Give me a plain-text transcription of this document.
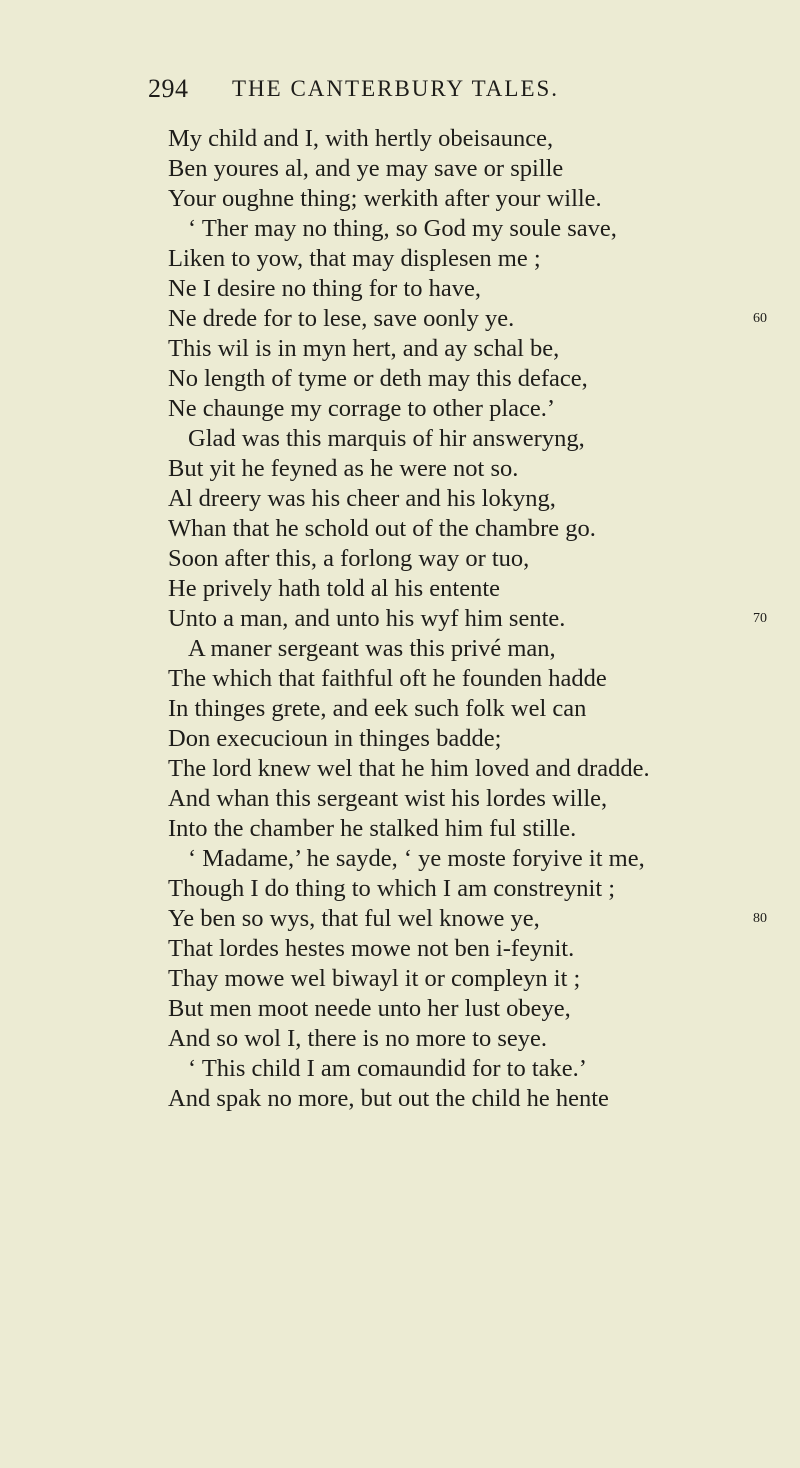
294 THE CANTERBURY TALES.
My child and I, with hertly obeisaunce,
Ben youres al, and ye may save or spille
Your oughne thing; werkith after your wille.
‘ Ther may no thing, so God my soule save,
Liken to yow, that may displesen me ;
Ne I desire no thing for to have,
Ne drede for to lese, save oonly ye.	60
This wil is in myn hert, and ay schal be,
No length of tyme or deth may this deface,
Ne chaunge my corrage to other place.’
Glad was this marquis of hir answeryng,
But yit he feyned as he were not so.
Al dreery was his cheer and his lokyng,
Whan that he schold out of the chambre go.
Soon after this, a forlong way or tuo,
He prively hath told al his entente
Unto a man, and unto his wyf him sente.	70
A maner sergeant was this privé man,
The which that faithful oft he founden hadde
In thinges grete, and eek such folk wel can
Don execucioun in thinges badde;
The lord knew wel that he him loved and dradde.
And whan this sergeant wist his lordes wille,
Into the chamber he stalked him ful stille.
‘ Madame,’ he sayde, ‘ ye moste foryive it me,
Though I do thing to which I am constreynit ;
Ye ben so wys, that ful wel knowe ye,	80
That lordes hestes mowe not ben i-feynit.
Thay mowe wel biwayl it or compleyn it ;
But men moot neede unto her lust obeye,
And so wol I, there is no more to seye.
‘ This child I am comaundid for to take.’
And spak no more, but out the child he hente
